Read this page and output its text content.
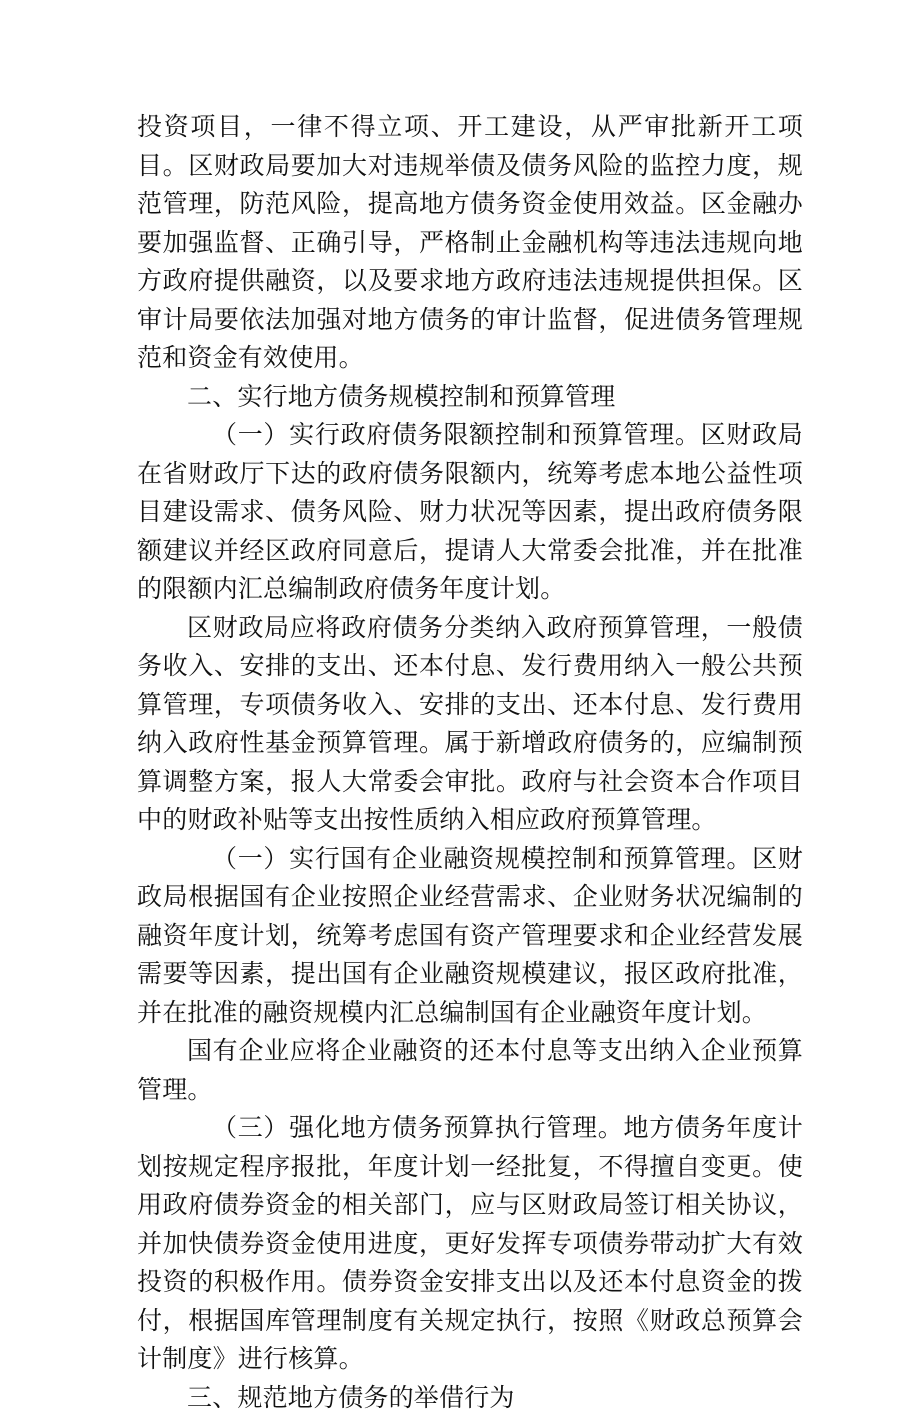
投资项目，一律不得立项、开工建设，从严审批新开工项目。区财政局要加大对违规举债及债务风险的监控力度，规范管理，防范风险，提高地方债务资金使用效益。区金融办要加强监督、正确引导，严格制止金融机构等违法违规向地方政府提供融资，以及要求地方政府违法违规提供担保。区审计局要依法加强对地方债务的审计监督，促进债务管理规范和资金有效使用。

二、实行地方债务规模控制和预算管理

（一）实行政府债务限额控制和预算管理。区财政局在省财政厅下达的政府债务限额内，统筹考虑本地公益性项目建设需求、债务风险、财力状况等因素，提出政府债务限额建议并经区政府同意后，提请人大常委会批准，并在批准的限额内汇总编制政府债务年度计划。

区财政局应将政府债务分类纳入政府预算管理，一般债务收入、安排的支出、还本付息、发行费用纳入一般公共预算管理，专项债务收入、安排的支出、还本付息、发行费用纳入政府性基金预算管理。属于新增政府债务的，应编制预算调整方案，报人大常委会审批。政府与社会资本合作项目中的财政补贴等支出按性质纳入相应政府预算管理。

（一）实行国有企业融资规模控制和预算管理。区财政局根据国有企业按照企业经营需求、企业财务状况编制的融资年度计划，统筹考虑国有资产管理要求和企业经营发展需要等因素，提出国有企业融资规模建议，报区政府批准，并在批准的融资规模内汇总编制国有企业融资年度计划。

国有企业应将企业融资的还本付息等支出纳入企业预算管理。

（三）强化地方债务预算执行管理。地方债务年度计划按规定程序报批，年度计划一经批复，不得擅自变更。使用政府债券资金的相关部门，应与区财政局签订相关协议，并加快债券资金使用进度，更好发挥专项债券带动扩大有效投资的积极作用。债券资金安排支出以及还本付息资金的拨付，根据国库管理制度有关规定执行，按照《财政总预算会计制度》进行核算。

三、规范地方债务的举借行为
